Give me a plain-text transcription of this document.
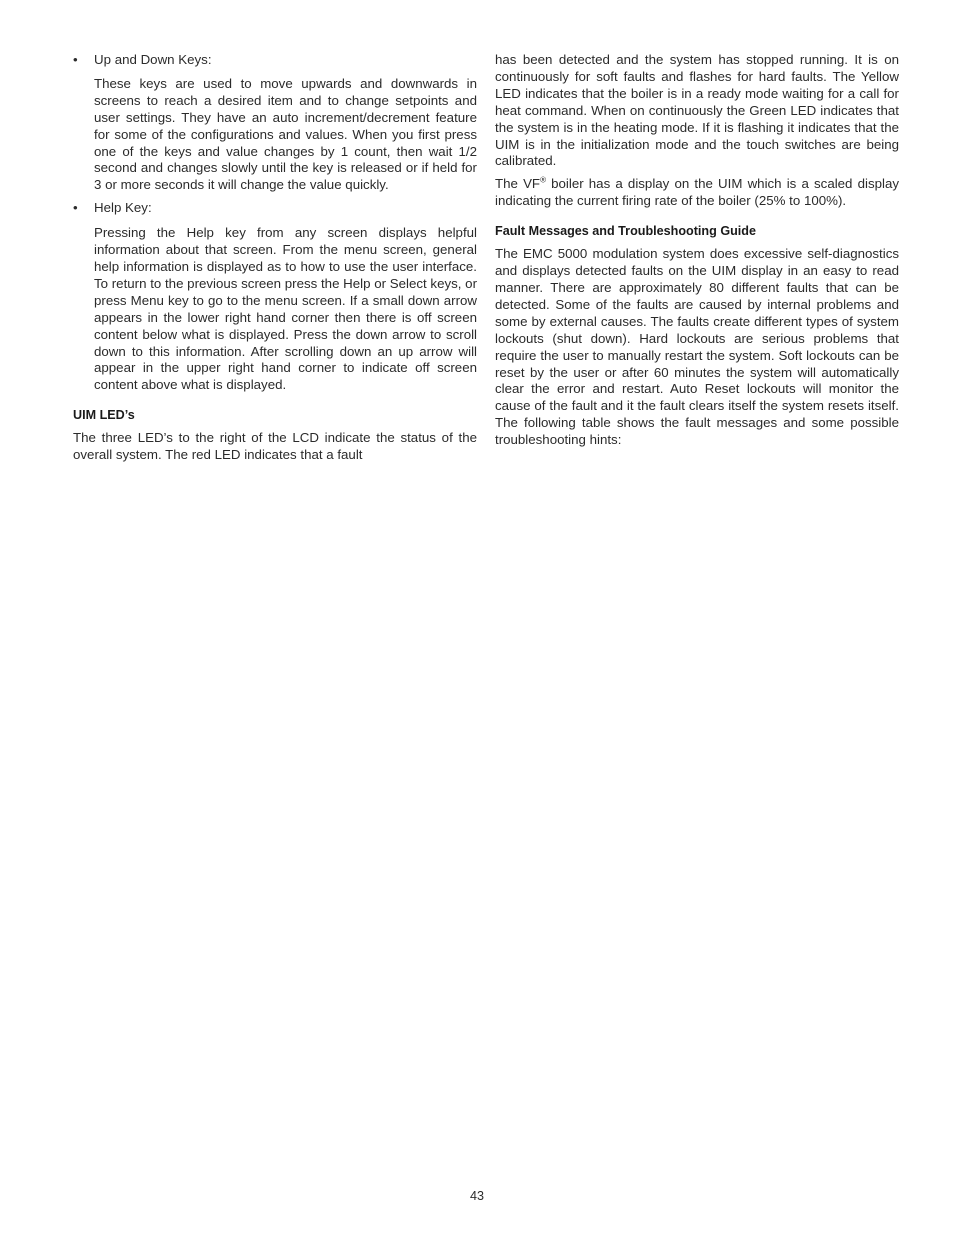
• Up and Down Keys:

These keys are used to move upwards and downwards in screens to reach a desired item and to change setpoints and user settings. They have an auto increment/decrement feature for some of the configurations and values. When you first press one of the keys and value changes by 1 count, then wait 1/2 second and changes slowly until the key is released or if held for 3 or more seconds it will change the value quickly.

• Help Key:

Pressing the Help key from any screen displays helpful information about that screen. From the menu screen, general help information is displayed as to how to use the user interface. To return to the previous screen press the Help or Select keys, or press Menu key to go to the menu screen. If a small down arrow appears in the lower right hand corner then there is off screen content below what is displayed. Press the down arrow to scroll down to this information. After scrolling down an up arrow will appear in the upper right hand corner to indicate off screen content above what is displayed.

UIM LED’s

The three LED’s to the right of the LCD indicate the status of the overall system. The red LED indicates that a fault

has been detected and the system has stopped running. It is on continuously for soft faults and flashes for hard faults. The Yellow LED indicates that the boiler is in a ready mode waiting for a call for heat command. When on continuously the Green LED indicates that the system is in the heating mode. If it is flashing it indicates that the UIM is in the initialization mode and the touch switches are being calibrated.

The VF® boiler has a display on the UIM which is a scaled display indicating the current firing rate of the boiler (25% to 100%).

Fault Messages and Troubleshooting Guide

The EMC 5000 modulation system does excessive self-diagnostics and displays detected faults on the UIM display in an easy to read manner. There are approximately 80 different faults that can be detected. Some of the faults are caused by internal problems and some by external causes. The faults create different types of system lockouts (shut down). Hard lockouts are serious problems that require the user to manually restart the system. Soft lockouts can be reset by the user or after 60 minutes the system will automatically clear the error and restart. Auto Reset lockouts will monitor the cause of the fault and it the fault clears itself the system resets itself. The following table shows the fault messages and some possible troubleshooting hints:

43
